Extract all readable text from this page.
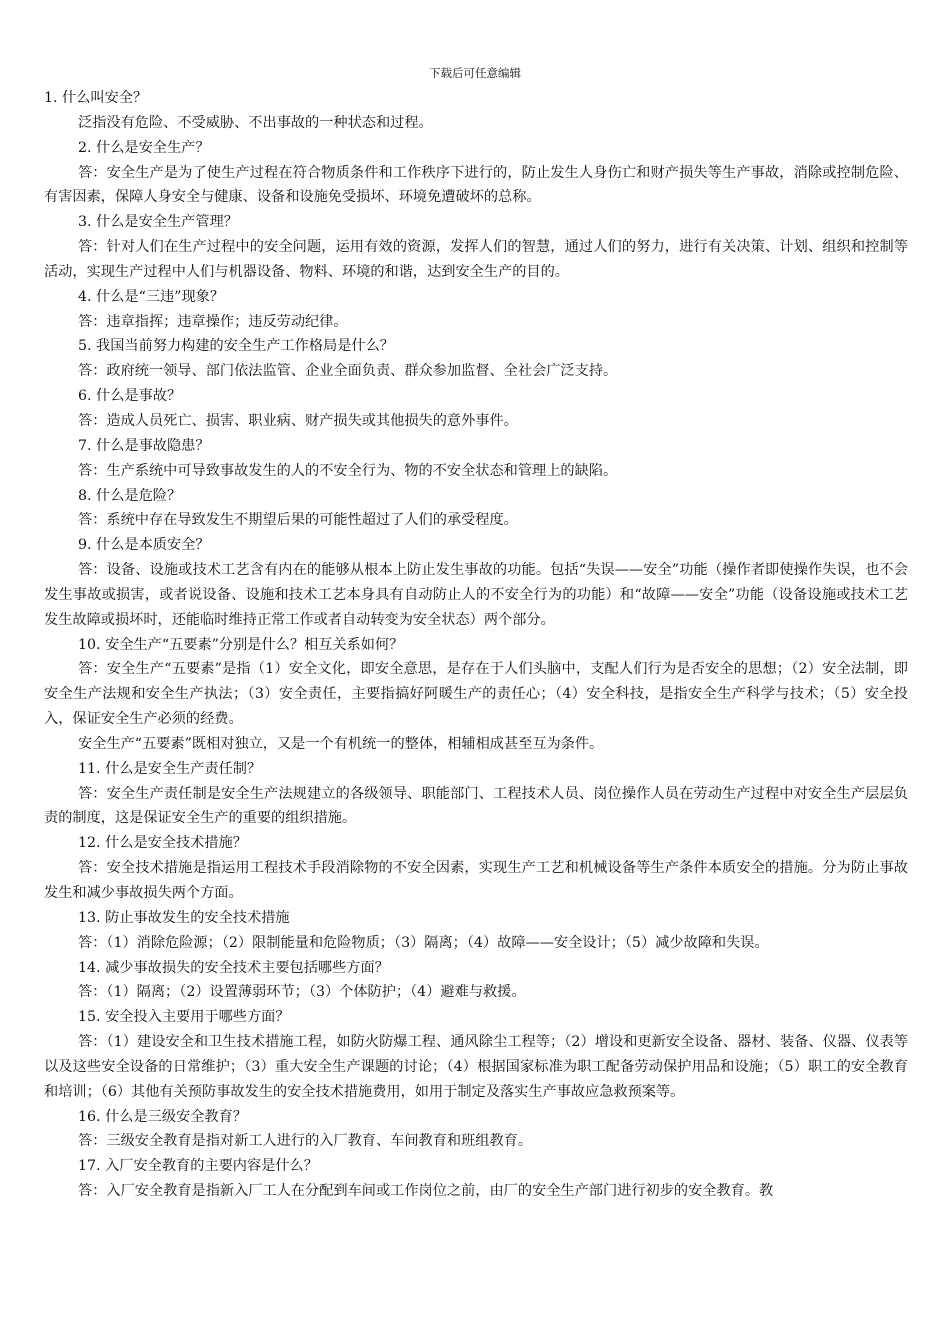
下载后可任意编辑

1. 什么叫安全？

泛指没有危险、不受威胁、不出事故的一种状态和过程。

2. 什么是安全生产？

答：安全生产是为了使生产过程在符合物质条件和工作秩序下进行的，防止发生人身伤亡和财产损失等生产事故，消除或控制危险、有害因素，保障人身安全与健康、设备和设施免受损坏、环境免遭破坏的总称。

3. 什么是安全生产管理？

答：针对人们在生产过程中的安全问题，运用有效的资源，发挥人们的智慧，通过人们的努力，进行有关决策、计划、组织和控制等活动，实现生产过程中人们与机器设备、物料、环境的和谐，达到安全生产的目的。

4. 什么是“三违”现象？

答：违章指挥；违章操作；违反劳动纪律。

5. 我国当前努力构建的安全生产工作格局是什么？

答：政府统一领导、部门依法监管、企业全面负责、群众参加监督、全社会广泛支持。

6. 什么是事故？

答：造成人员死亡、损害、职业病、财产损失或其他损失的意外事件。

7. 什么是事故隐患？

答：生产系统中可导致事故发生的人的不安全行为、物的不安全状态和管理上的缺陷。

8. 什么是危险？

答：系统中存在导致发生不期望后果的可能性超过了人们的承受程度。

9. 什么是本质安全？

答：设备、设施或技术工艺含有内在的能够从根本上防止发生事故的功能。包括“失误——安全”功能（操作者即使操作失误，也不会发生事故或损害，或者说设备、设施和技术工艺本身具有自动防止人的不安全行为的功能）和“故障——安全”功能（设备设施或技术工艺发生故障或损坏时，还能临时维持正常工作或者自动转变为安全状态）两个部分。

10. 安全生产“五要素”分别是什么？相互关系如何？

答：安全生产“五要素”是指（1）安全文化，即安全意思，是存在于人们头脑中，支配人们行为是否安全的思想；（2）安全法制，即安全生产法规和安全生产执法；（3）安全责任，主要指搞好阿暖生产的责任心；（4）安全科技，是指安全生产科学与技术；（5）安全投入，保证安全生产必须的经费。

安全生产“五要素”既相对独立，又是一个有机统一的整体，相辅相成甚至互为条件。

11. 什么是安全生产责任制？

答：安全生产责任制是安全生产法规建立的各级领导、职能部门、工程技术人员、岗位操作人员在劳动生产过程中对安全生产层层负责的制度，这是保证安全生产的重要的组织措施。

12. 什么是安全技术措施？

答：安全技术措施是指运用工程技术手段消除物的不安全因素，实现生产工艺和机械设备等生产条件本质安全的措施。分为防止事故发生和减少事故损失两个方面。

13. 防止事故发生的安全技术措施

答：（1）消除危险源；（2）限制能量和危险物质；（3）隔离；（4）故障——安全设计；（5）减少故障和失误。

14. 减少事故损失的安全技术主要包括哪些方面？

答：（1）隔离；（2）设置薄弱环节；（3）个体防护；（4）避难与救援。

15. 安全投入主要用于哪些方面？

答：（1）建设安全和卫生技术措施工程，如防火防爆工程、通风除尘工程等；（2）增设和更新安全设备、器材、装备、仪器、仪表等以及这些安全设备的日常维护；（3）重大安全生产课题的讨论；（4）根据国家标准为职工配备劳动保护用品和设施；（5）职工的安全教育和培训；（6）其他有关预防事故发生的安全技术措施费用，如用于制定及落实生产事故应急救预案等。

16. 什么是三级安全教育？

答：三级安全教育是指对新工人进行的入厂教育、车间教育和班组教育。

17. 入厂安全教育的主要内容是什么？

答：入厂安全教育是指新入厂工人在分配到车间或工作岗位之前，由厂的安全生产部门进行初步的安全教育。教
